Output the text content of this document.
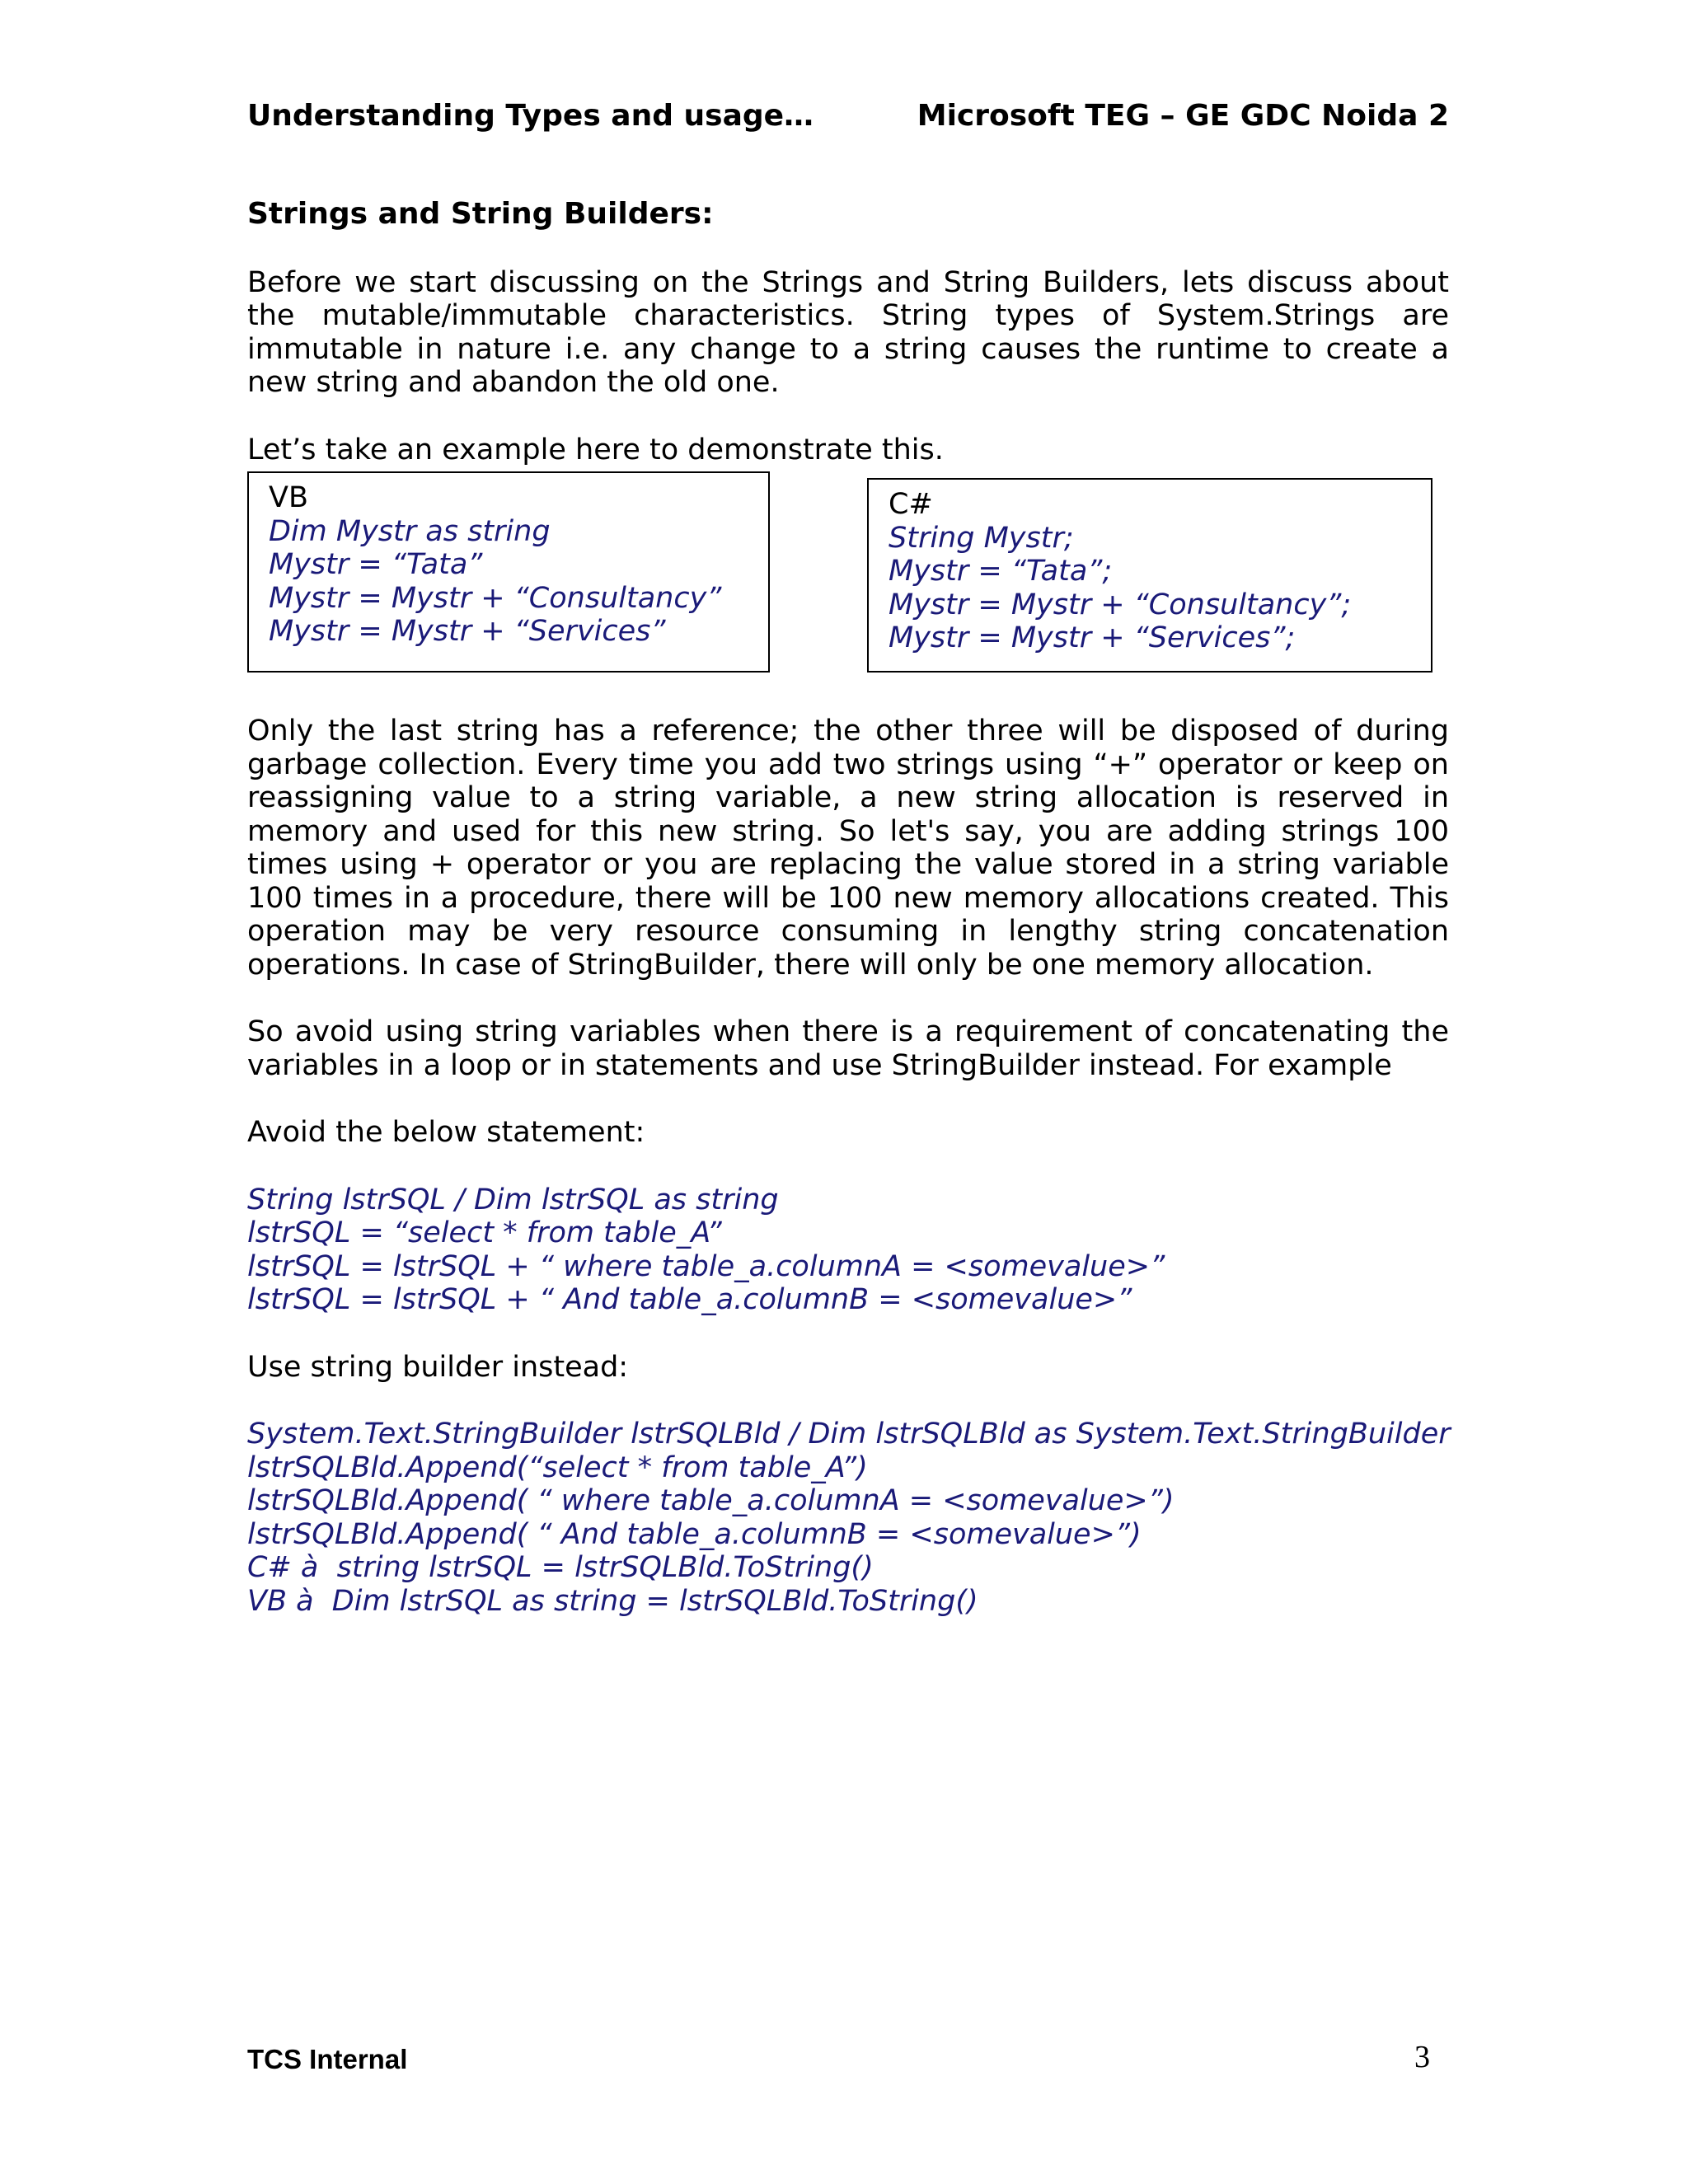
Understanding Types and usage…	Microsoft TEG – GE GDC Noida 2
Strings and String Builders:
Before we start discussing on the Strings and String Builders, lets discuss about the mutable/immutable characteristics. String types of System.Strings are immutable in nature i.e. any change to a string causes the runtime to create a new string and abandon the old one.
Let’s take an example here to demonstrate this.
VB
Dim Mystr as string
Mystr = “Tata”
Mystr = Mystr + “Consultancy”
Mystr = Mystr + “Services”
C#
String Mystr;
Mystr = “Tata”;
Mystr = Mystr + “Consultancy”;
Mystr = Mystr + “Services”;
Only the last string has a reference; the other three will be disposed of during garbage collection. Every time you add two strings using “+” operator or keep on reassigning value to a string variable, a new string allocation is reserved in memory and used for this new string. So let's say, you are adding strings 100 times using + operator or you are replacing the value stored in a string variable 100 times in a procedure, there will be 100 new memory allocations created. This operation may be very resource consuming in lengthy string concatenation operations. In case of StringBuilder, there will only be one memory allocation.
So avoid using string variables when there is a requirement of concatenating the variables in a loop or in statements and use StringBuilder instead. For example
Avoid the below statement:
String lstrSQL / Dim lstrSQL as string
lstrSQL = “select * from table_A”
lstrSQL = lstrSQL + “ where table_a.columnA = <somevalue>”
lstrSQL = lstrSQL + “ And table_a.columnB = <somevalue>”
Use string builder instead:
System.Text.StringBuilder lstrSQLBld / Dim lstrSQLBld as System.Text.StringBuilder
lstrSQLBld.Append(“select * from table_A”)
lstrSQLBld.Append( “ where table_a.columnA = <somevalue>”)
lstrSQLBld.Append( “ And table_a.columnB = <somevalue>”)
C# à  string lstrSQL = lstrSQLBld.ToString()
VB à  Dim lstrSQL as string = lstrSQLBld.ToString()
TCS Internal	3
